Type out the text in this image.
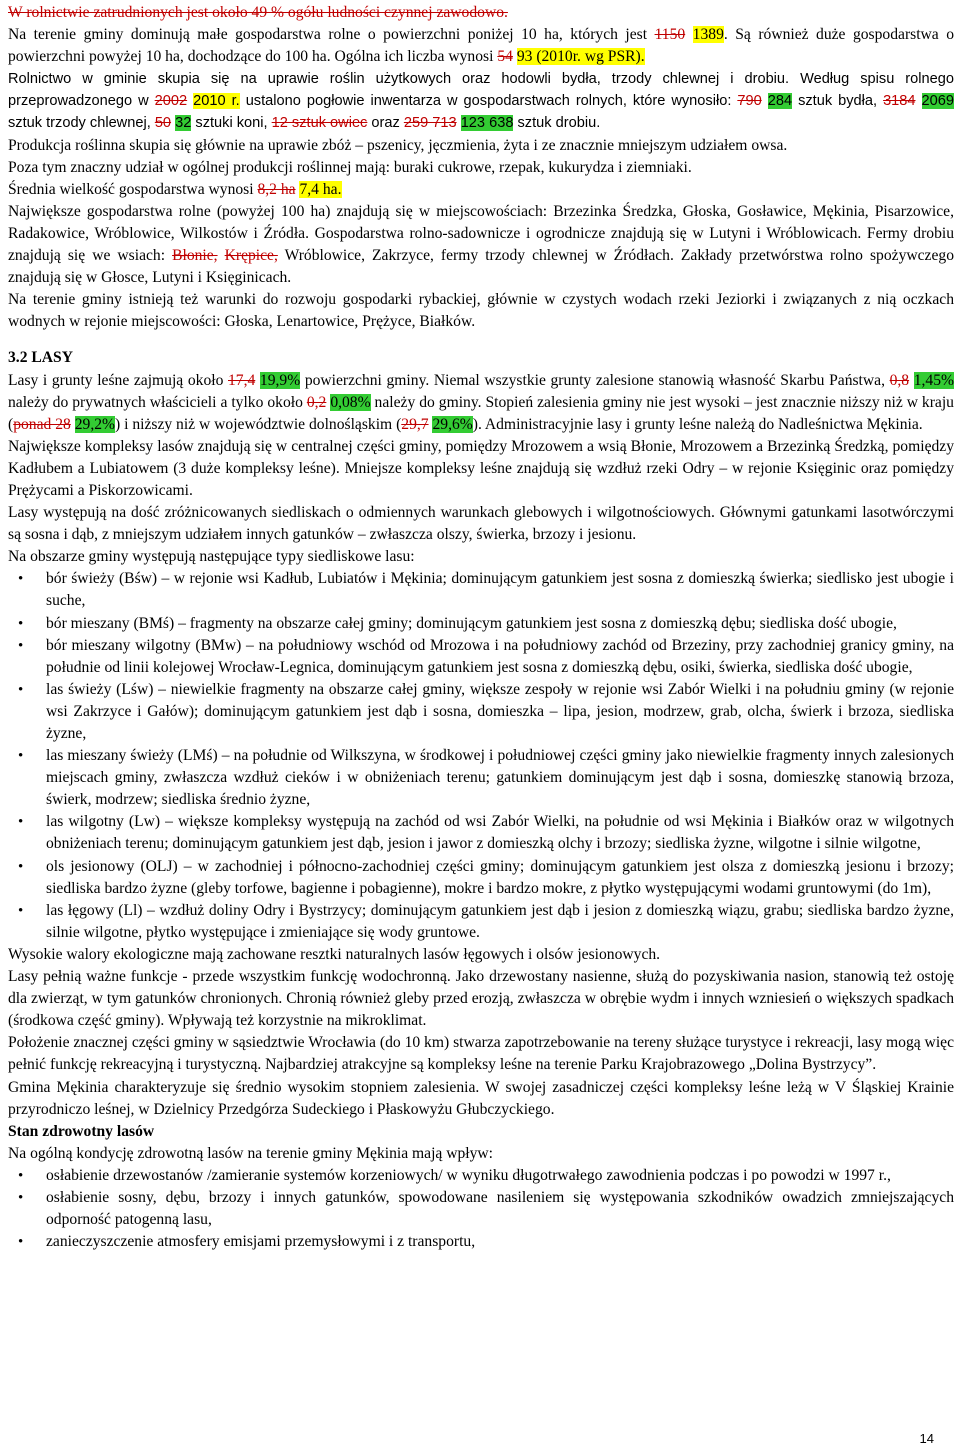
W rolnictwie zatrudnionych jest około 49 % ogółu ludności czynnej zawodowo.

Na terenie gminy dominują małe gospodarstwa rolne o powierzchni poniżej 10 ha, których jest 1150 1389. Są również duże gospodarstwa o powierzchni powyżej 10 ha, dochodzące do 100 ha. Ogólna ich liczba wynosi 54 93 (2010r. wg PSR).

Rolnictwo w gminie skupia się na uprawie roślin użytkowych oraz hodowli bydła, trzody chlewnej i drobiu. Według spisu rolnego przeprowadzonego w 2002 2010 r. ustalono pogłowie inwentarza w gospodarstwach rolnych, które wynosiło: 790 284 sztuk bydła, 3184 2069 sztuk trzody chlewnej, 50 32 sztuki koni, 12 sztuk owiec oraz 259 713 123 638 sztuk drobiu.

Produkcja roślinna skupia się głównie na uprawie zbóż – pszenicy, jęczmienia, żyta i ze znacznie mniejszym udziałem owsa.

Poza tym znaczny udział w ogólnej produkcji roślinnej mają: buraki cukrowe, rzepak, kukurydza i ziemniaki.

Średnia wielkość gospodarstwa wynosi 8,2 ha 7,4 ha.

Największe gospodarstwa rolne (powyżej 100 ha) znajdują się w miejscowościach: Brzezinka Średzka, Głoska, Gosławice, Mękinia, Pisarzowice, Radakowice, Wróblowice, Wilkostów i Źródła. Gospodarstwa rolno-sadownicze i ogrodnicze znajdują się w Lutyni i Wróblowicach. Fermy drobiu znajdują się we wsiach: Błonie, Krępice, Wróblowice, Zakrzyce, fermy trzody chlewnej w Źródłach. Zakłady przetwórstwa rolno spożywczego znajdują się w Głosce, Lutyni i Księginicach.

Na terenie gminy istnieją też warunki do rozwoju gospodarki rybackiej, głównie w czystych wodach rzeki Jeziorki i związanych z nią oczkach wodnych w rejonie miejscowości: Głoska, Lenartowice, Prężyce, Białków.

3.2 LASY

Lasy i grunty leśne zajmują około 17,4 19,9% powierzchni gminy. Niemal wszystkie grunty zalesione stanowią własność Skarbu Państwa, 0,8 1,45% należy do prywatnych właścicieli a tylko około 0,2 0,08% należy do gminy. Stopień zalesienia gminy nie jest wysoki – jest znacznie niższy niż w kraju (ponad 28 29,2%) i niższy niż w województwie dolnośląskim (29,7 29,6%). Administracyjnie lasy i grunty leśne należą do Nadleśnictwa Mękinia.

Największe kompleksy lasów znajdują się w centralnej części gminy, pomiędzy Mrozowem a wsią Błonie, Mrozowem a Brzezinką Średzką, pomiędzy Kadłubem a Lubiatowem (3 duże kompleksy leśne). Mniejsze kompleksy leśne znajdują się wzdłuż rzeki Odry – w rejonie Księginic oraz pomiędzy Prężycami a Piskorzowicami.

Lasy występują na dość zróżnicowanych siedliskach o odmiennych warunkach glebowych i wilgotnościowych. Głównymi gatunkami lasotwórczymi są sosna i dąb, z mniejszym udziałem innych gatunków – zwłaszcza olszy, świerka, brzozy i jesionu.

Na obszarze gminy występują następujące typy siedliskowe lasu:

• bór świeży (Bśw) – w rejonie wsi Kadłub, Lubiatów i Mękinia; dominującym gatunkiem jest sosna z domieszką świerka; siedlisko jest ubogie i suche,
• bór mieszany (BMś) – fragmenty na obszarze całej gminy; dominującym gatunkiem jest sosna z domieszką dębu; siedliska dość ubogie,
• bór mieszany wilgotny (BMw) – na południowy wschód od Mrozowa i na południowy zachód od Brzeziny, przy zachodniej granicy gminy, na południe od linii kolejowej Wrocław-Legnica, dominującym gatunkiem jest sosna z domieszką dębu, osiki, świerka, siedliska dość ubogie,
• las świeży (Lśw) – niewielkie fragmenty na obszarze całej gminy, większe zespoły w rejonie wsi Zabór Wielki i na południu gminy (w rejonie wsi Zakrzyce i Gałów); dominującym gatunkiem jest dąb i sosna, domieszka – lipa, jesion, modrzew, grab, olcha, świerk i brzoza, siedliska żyzne,
• las mieszany świeży (LMś) – na południe od Wilkszyna, w środkowej i południowej części gminy jako niewielkie fragmenty innych zalesionych miejscach gminy, zwłaszcza wzdłuż cieków i w obniżeniach terenu; gatunkiem dominującym jest dąb i sosna, domieszkę stanowią brzoza, świerk, modrzew; siedliska średnio żyzne,
• las wilgotny (Lw) – większe kompleksy występują na zachód od wsi Zabór Wielki, na południe od wsi Mękinia i Białków oraz w wilgotnych obniżeniach terenu; dominującym gatunkiem jest dąb, jesion i jawor z domieszką olchy i brzozy; siedliska żyzne, wilgotne i silnie wilgotne,
• ols jesionowy (OLJ) – w zachodniej i północno-zachodniej części gminy; dominującym gatunkiem jest olsza z domieszką jesionu i brzozy; siedliska bardzo żyzne (gleby torfowe, bagienne i pobagienne), mokre i bardzo mokre, z płytko występującymi wodami gruntowymi (do 1m),
• las łęgowy (Ll) – wzdłuż doliny Odry i Bystrzycy; dominującym gatunkiem jest dąb i jesion z domieszką wiązu, grabu; siedliska bardzo żyzne, silnie wilgotne, płytko występujące i zmieniające się wody gruntowe.

Wysokie walory ekologiczne mają zachowane resztki naturalnych lasów łęgowych i olsów jesionowych.

Lasy pełnią ważne funkcje - przede wszystkim funkcję wodochronną. Jako drzewostany nasienne, służą do pozyskiwania nasion, stanowią też ostoję dla zwierząt, w tym gatunków chronionych. Chronią również gleby przed erozją, zwłaszcza w obrębie wydm i innych wzniesień o większych spadkach (środkowa część gminy). Wpływają też korzystnie na mikroklimat.

Położenie znacznej części gminy w sąsiedztwie Wrocławia (do 10 km) stwarza zapotrzebowanie na tereny służące turystyce i rekreacji, lasy mogą więc pełnić funkcję rekreacyjną i turystyczną. Najbardziej atrakcyjne są kompleksy leśne na terenie Parku Krajobrazowego „Dolina Bystrzycy”.

Gmina Mękinia charakteryzuje się średnio wysokim stopniem zalesienia. W swojej zasadniczej części kompleksy leśne leżą w V Śląskiej Krainie przyrodniczo leśnej, w Dzielnicy Przedgórza Sudeckiego i Płaskowyżu Głubczyckiego.

Stan zdrowotny lasów

Na ogólną kondycję zdrowotną lasów na terenie gminy Mękinia mają wpływ:

• osłabienie drzewostanów /zamieranie systemów korzeniowych/ w wyniku długotrwałego zawodnienia podczas i po powodzi w 1997 r.,
• osłabienie sosny, dębu, brzozy i innych gatunków, spowodowane nasileniem się występowania szkodników owadzich zmniejszających odporność patogenną lasu,
• zanieczyszczenie atmosfery emisjami przemysłowymi i z transportu,
14
